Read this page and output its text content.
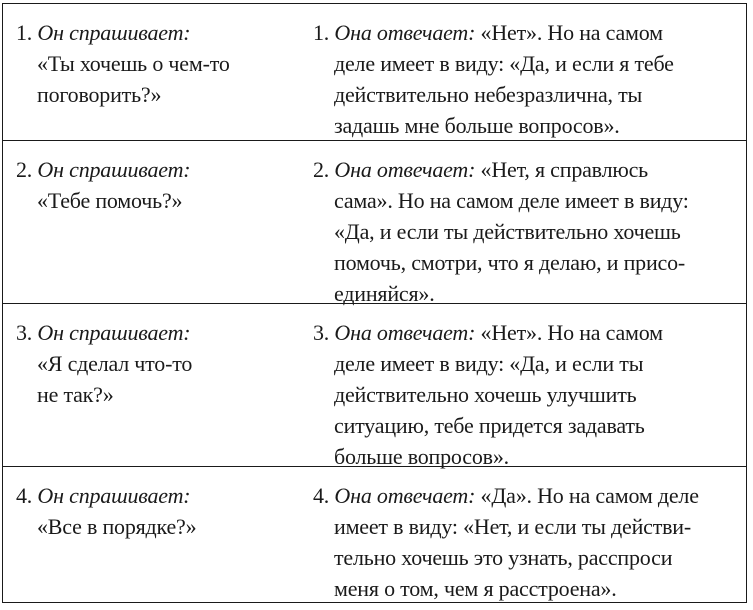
1. Он спрашивает:
«Ты хочешь о чем-то
поговорить?»
1. Она отвечает: «Нет». Но на самом
деле имеет в виду: «Да, и если я тебе
действительно небезразлична, ты
задашь мне больше вопросов».
2. Он спрашивает:
«Тебе помочь?»
2. Она отвечает: «Нет, я справлюсь
сама». Но на самом деле имеет в виду:
«Да, и если ты действительно хочешь
помочь, смотри, что я делаю, и присо-
единяйся».
3. Он спрашивает:
«Я сделал что-то
не так?»
3. Она отвечает: «Нет». Но на самом
деле имеет в виду: «Да, и если ты
действительно хочешь улучшить
ситуацию, тебе придется задавать
больше вопросов».
4. Он спрашивает:
«Все в порядке?»
4. Она отвечает: «Да». Но на самом деле
имеет в виду: «Нет, и если ты действи-
тельно хочешь это узнать, расспроси
меня о том, чем я расстроена».
